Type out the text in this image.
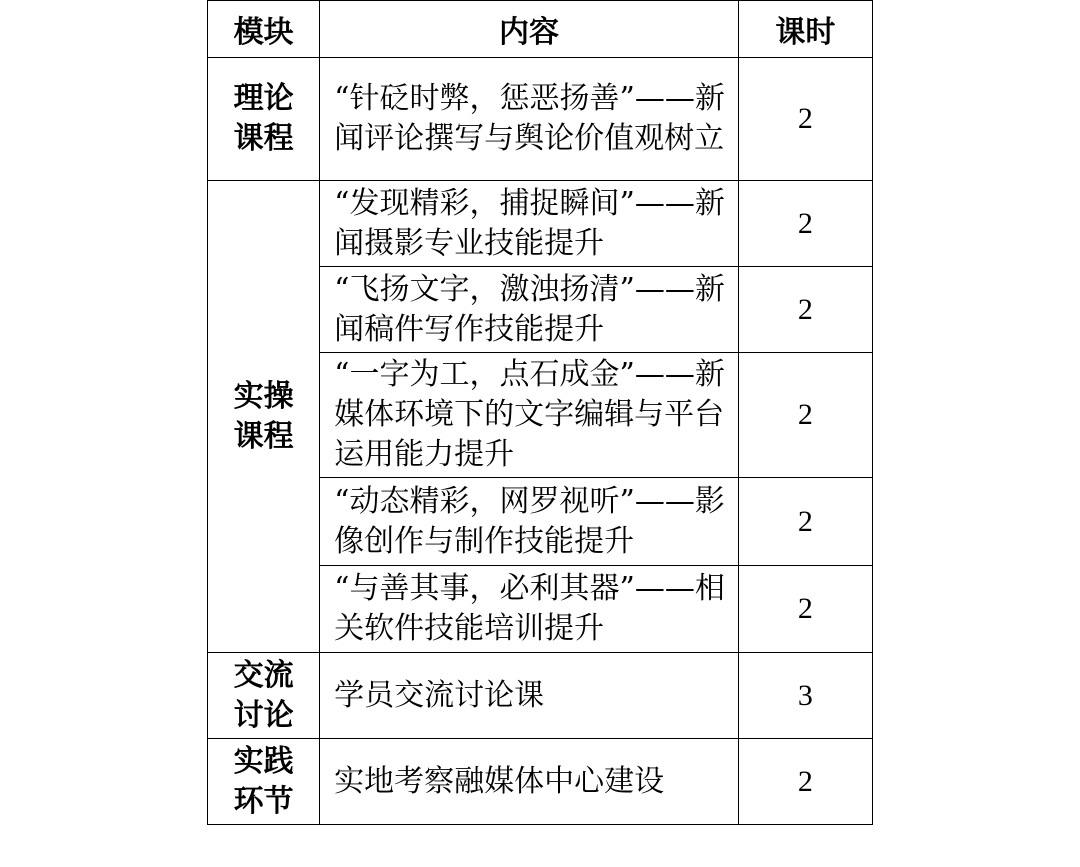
模块	内容	课时
理论课程	“针砭时弊，惩恶扬善”——新闻评论撰写与舆论价值观树立	2
实操课程	“发现精彩，捕捉瞬间”——新闻摄影专业技能提升	2
	“飞扬文字，激浊扬清”——新闻稿件写作技能提升	2
	“一字为工，点石成金”——新媒体环境下的文字编辑与平台运用能力提升	2
	“动态精彩，网罗视听”——影像创作与制作技能提升	2
	“与善其事，必利其器”——相关软件技能培训提升	2
交流讨论	学员交流讨论课	3
实践环节	实地考察融媒体中心建设	2
